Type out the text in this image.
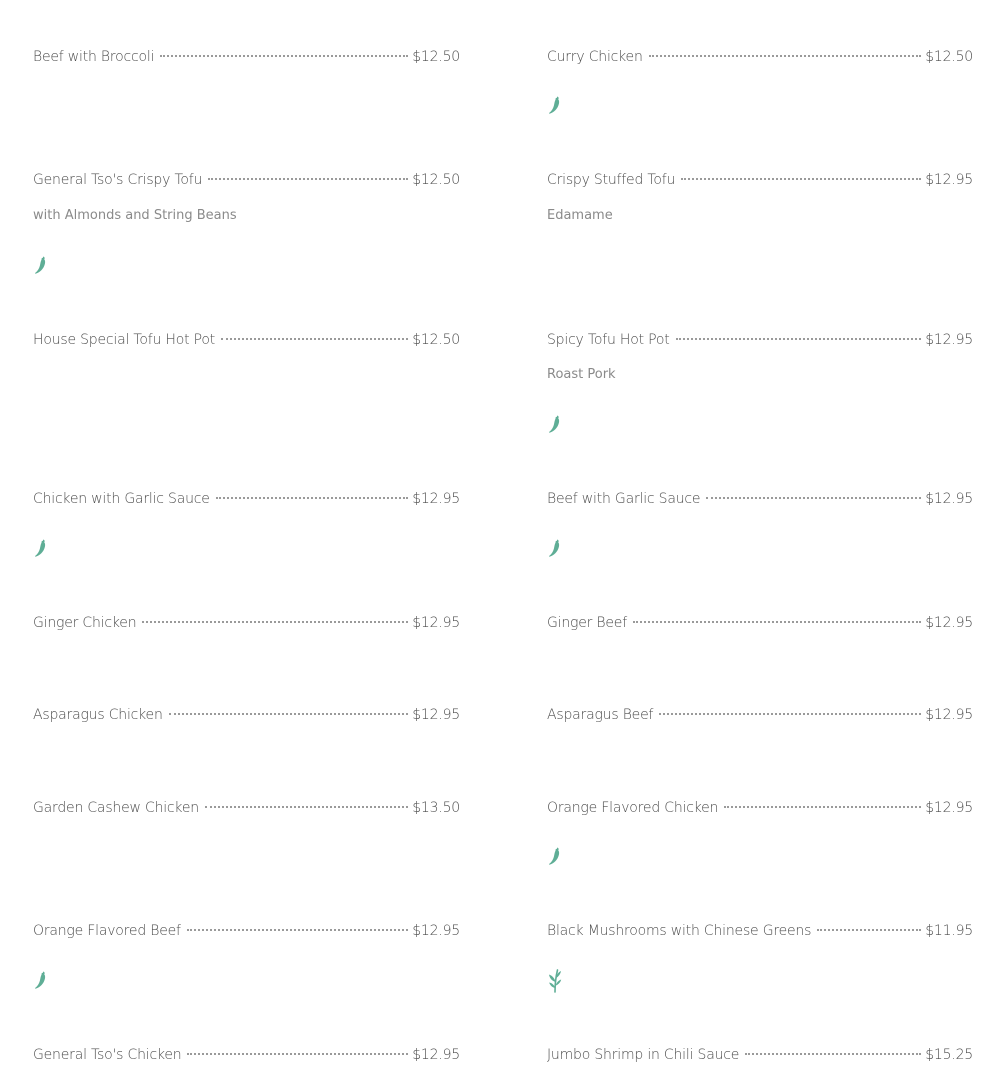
Beef with Broccoli	$12.50
General Tso's Crispy Tofu	$12.50
with Almonds and String Beans
House Special Tofu Hot Pot	$12.50
Chicken with Garlic Sauce	$12.95
Ginger Chicken	$12.95
Asparagus Chicken	$12.95
Garden Cashew Chicken	$13.50
Orange Flavored Beef	$12.95
General Tso's Chicken	$12.95
Curry Chicken	$12.50
Crispy Stuffed Tofu	$12.95
Edamame
Spicy Tofu Hot Pot	$12.95
Roast Pork
Beef with Garlic Sauce	$12.95
Ginger Beef	$12.95
Asparagus Beef	$12.95
Orange Flavored Chicken	$12.95
Black Mushrooms with Chinese Greens	$11.95
Jumbo Shrimp in Chili Sauce	$15.25
